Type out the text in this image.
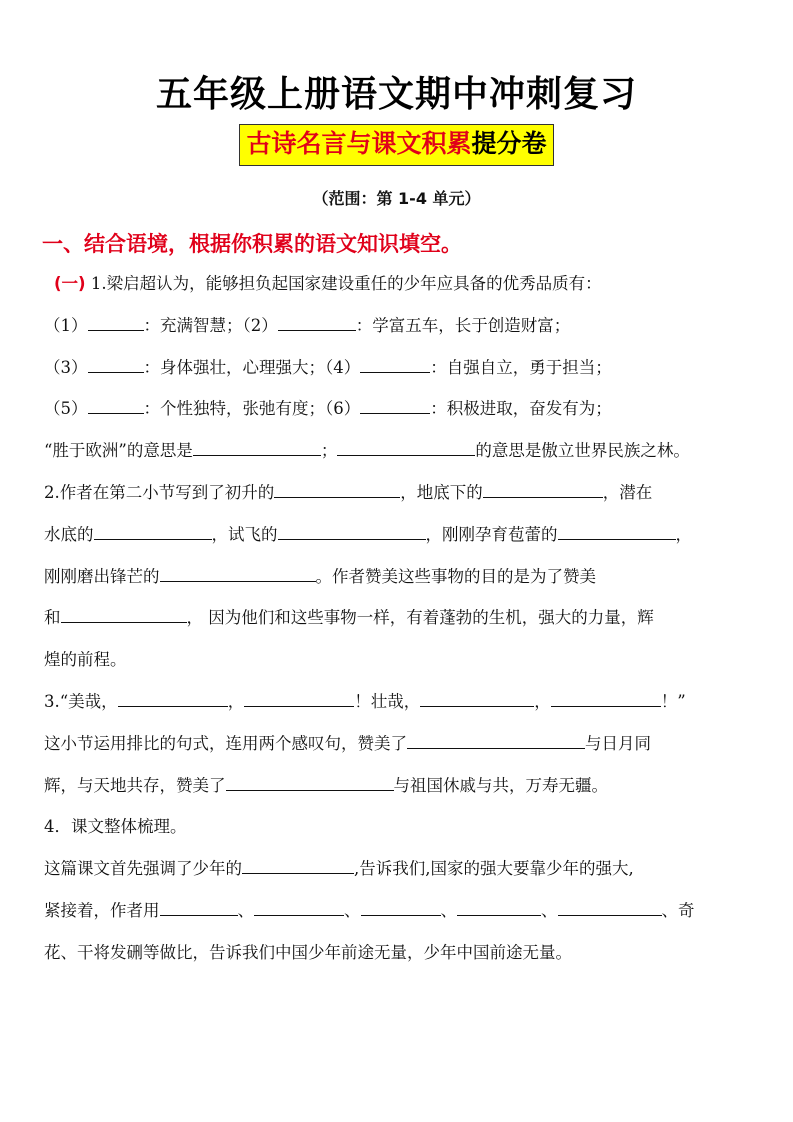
五年级上册语文期中冲刺复习
古诗名言与课文积累提分卷
（范围：第 1-4 单元）
一、结合语境，根据你积累的语文知识填空。
(一) 1.梁启超认为，能够担负起国家建设重任的少年应具备的优秀品质有：
（1）	：充满智慧；（2）	：学富五车，长于创造财富；
（3）	：身体强壮，心理强大；（4）	：自强自立，勇于担当；
（5）	：个性独特，张弛有度；（6）	：积极进取，奋发有为；
“胜于欧洲”的意思是	；	的意思是傲立世界民族之林。
2.作者在第二小节写到了初升的	，地底下的	，潜在
水底的	，试飞的	，刚刚孕育苞蕾的	，
刚刚磨出锋芒的	。作者赞美这些事物的目的是为了赞美
和	， 因为他们和这些事物一样，有着蓬勃的生机，强大的力量，辉
煌的前程。
3.“美哉，	，	！壮哉，	，	！”
这小节运用排比的句式，连用两个感叹句，赞美了	与日月同
辉，与天地共存，赞美了	与祖国休戚与共，万寿无疆。
4．课文整体梳理。
这篇课文首先强调了少年的	,告诉我们,国家的强大要靠少年的强大,
紧接着，作者用	、	、	、	、	、奇
花、干将发硎等做比，告诉我们中国少年前途无量，少年中国前途无量。
